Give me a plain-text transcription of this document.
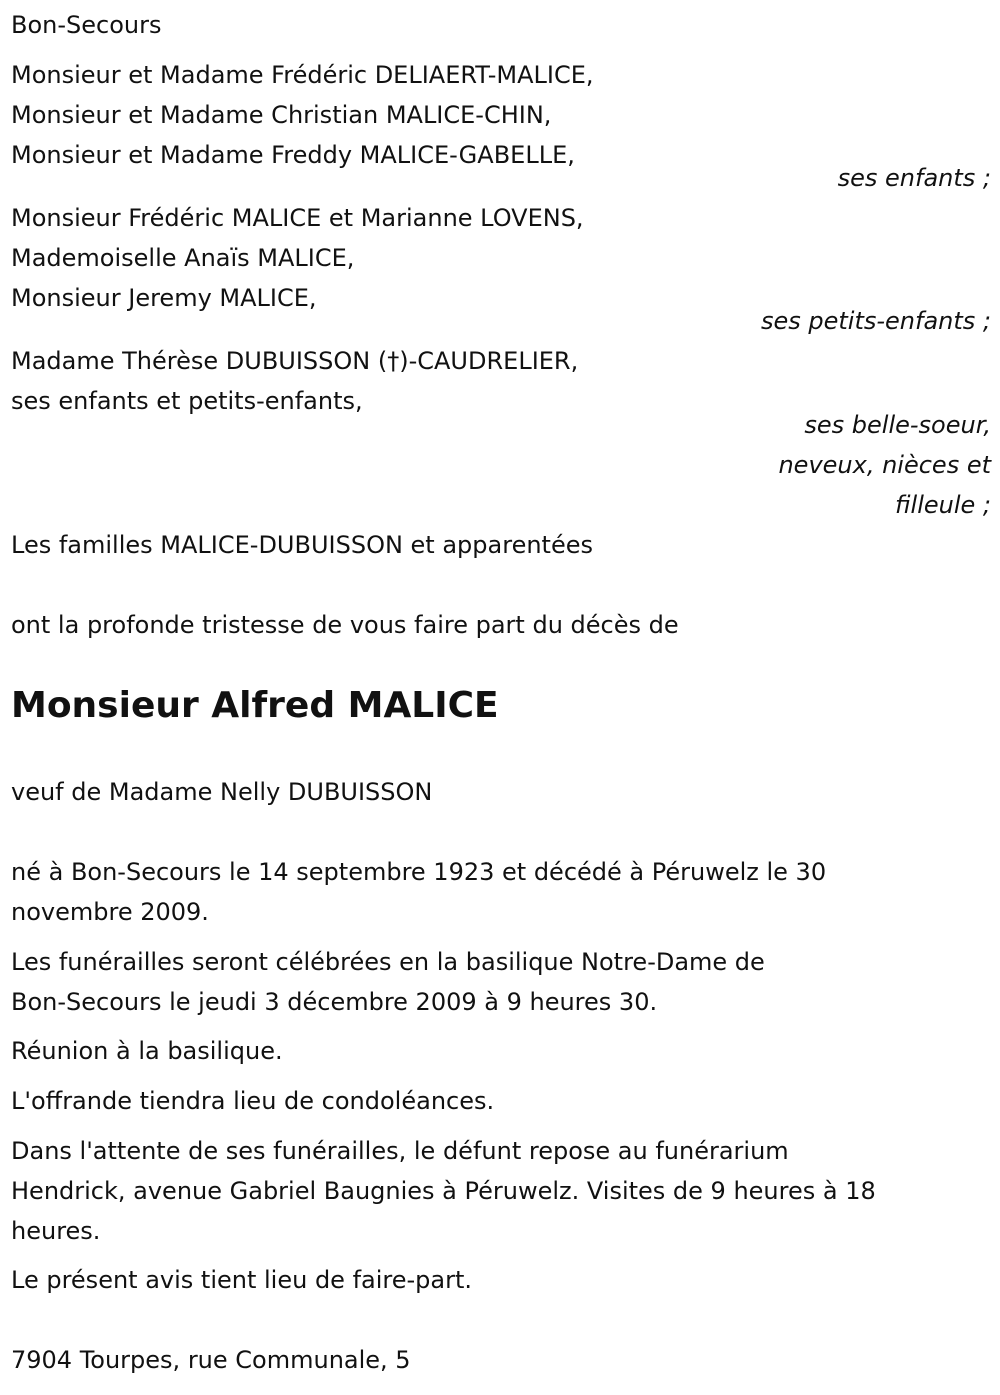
Bon-Secours
Monsieur et Madame Frédéric DELIAERT-MALICE,
Monsieur et Madame Christian MALICE-CHIN,
Monsieur et Madame Freddy MALICE-GABELLE,
ses enfants ;
Monsieur Frédéric MALICE et Marianne LOVENS,
Mademoiselle Anaïs MALICE,
Monsieur Jeremy MALICE,
ses petits-enfants ;
Madame Thérèse DUBUISSON (†)-CAUDRELIER,
ses enfants et petits-enfants,
ses belle-soeur,
neveux, nièces et
filleule ;
Les familles MALICE-DUBUISSON et apparentées
ont la profonde tristesse de vous faire part du décès de
Monsieur Alfred MALICE
veuf de Madame Nelly DUBUISSON
né à Bon-Secours le 14 septembre 1923 et décédé à Péruwelz le 30
novembre 2009.
Les funérailles seront célébrées en la basilique Notre-Dame de
Bon-Secours le jeudi 3 décembre 2009 à 9 heures 30.
Réunion à la basilique.
L'offrande tiendra lieu de condoléances.
Dans l'attente de ses funérailles, le défunt repose au funérarium
Hendrick, avenue Gabriel Baugnies à Péruwelz. Visites de 9 heures à 18
heures.
Le présent avis tient lieu de faire-part.
7904 Tourpes, rue Communale, 5
